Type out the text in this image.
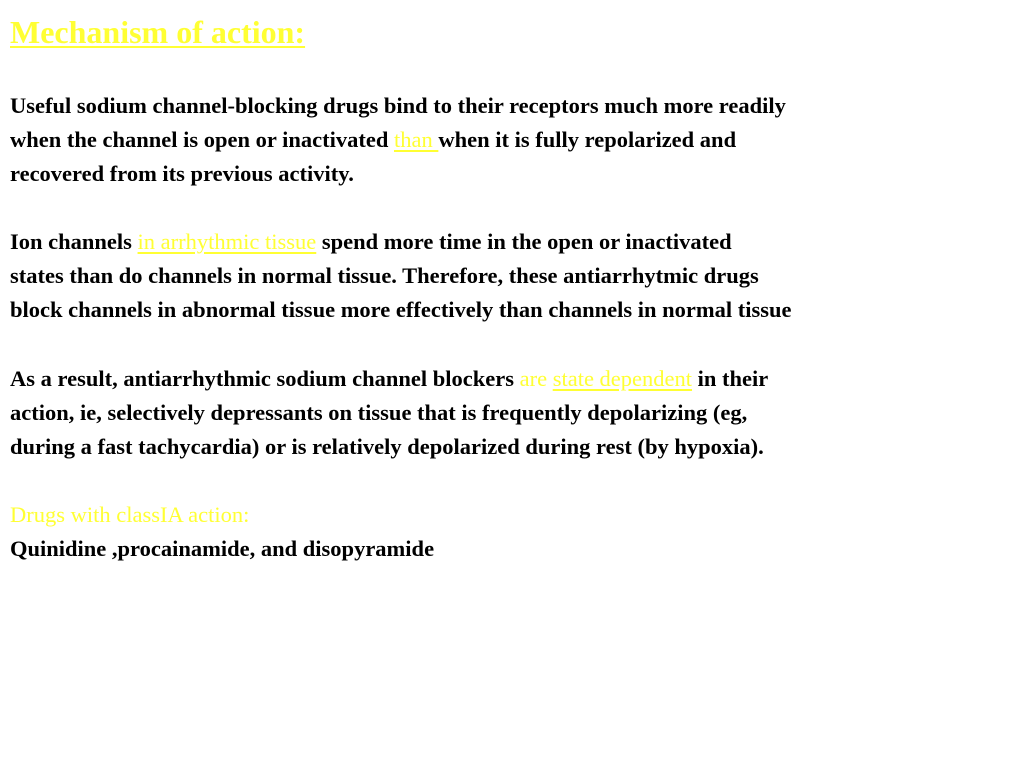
Mechanism of action:
Useful sodium channel-blocking drugs bind to their receptors much more readily
when the channel is open or inactivated than when it is fully repolarized and
recovered from its previous activity.
Ion channels in arrhythmic tissue spend more time in the open or inactivated
states than do channels in normal tissue. Therefore, these antiarrhytmic drugs
block channels in abnormal tissue more effectively than channels in normal tissue
As a result, antiarrhythmic sodium channel blockers are state dependent in their
action, ie, selectively depressants on tissue that is frequently depolarizing (eg,
during a fast tachycardia) or is relatively depolarized during rest (by hypoxia).
Drugs with classIA action:
Quinidine ,procainamide, and disopyramide
